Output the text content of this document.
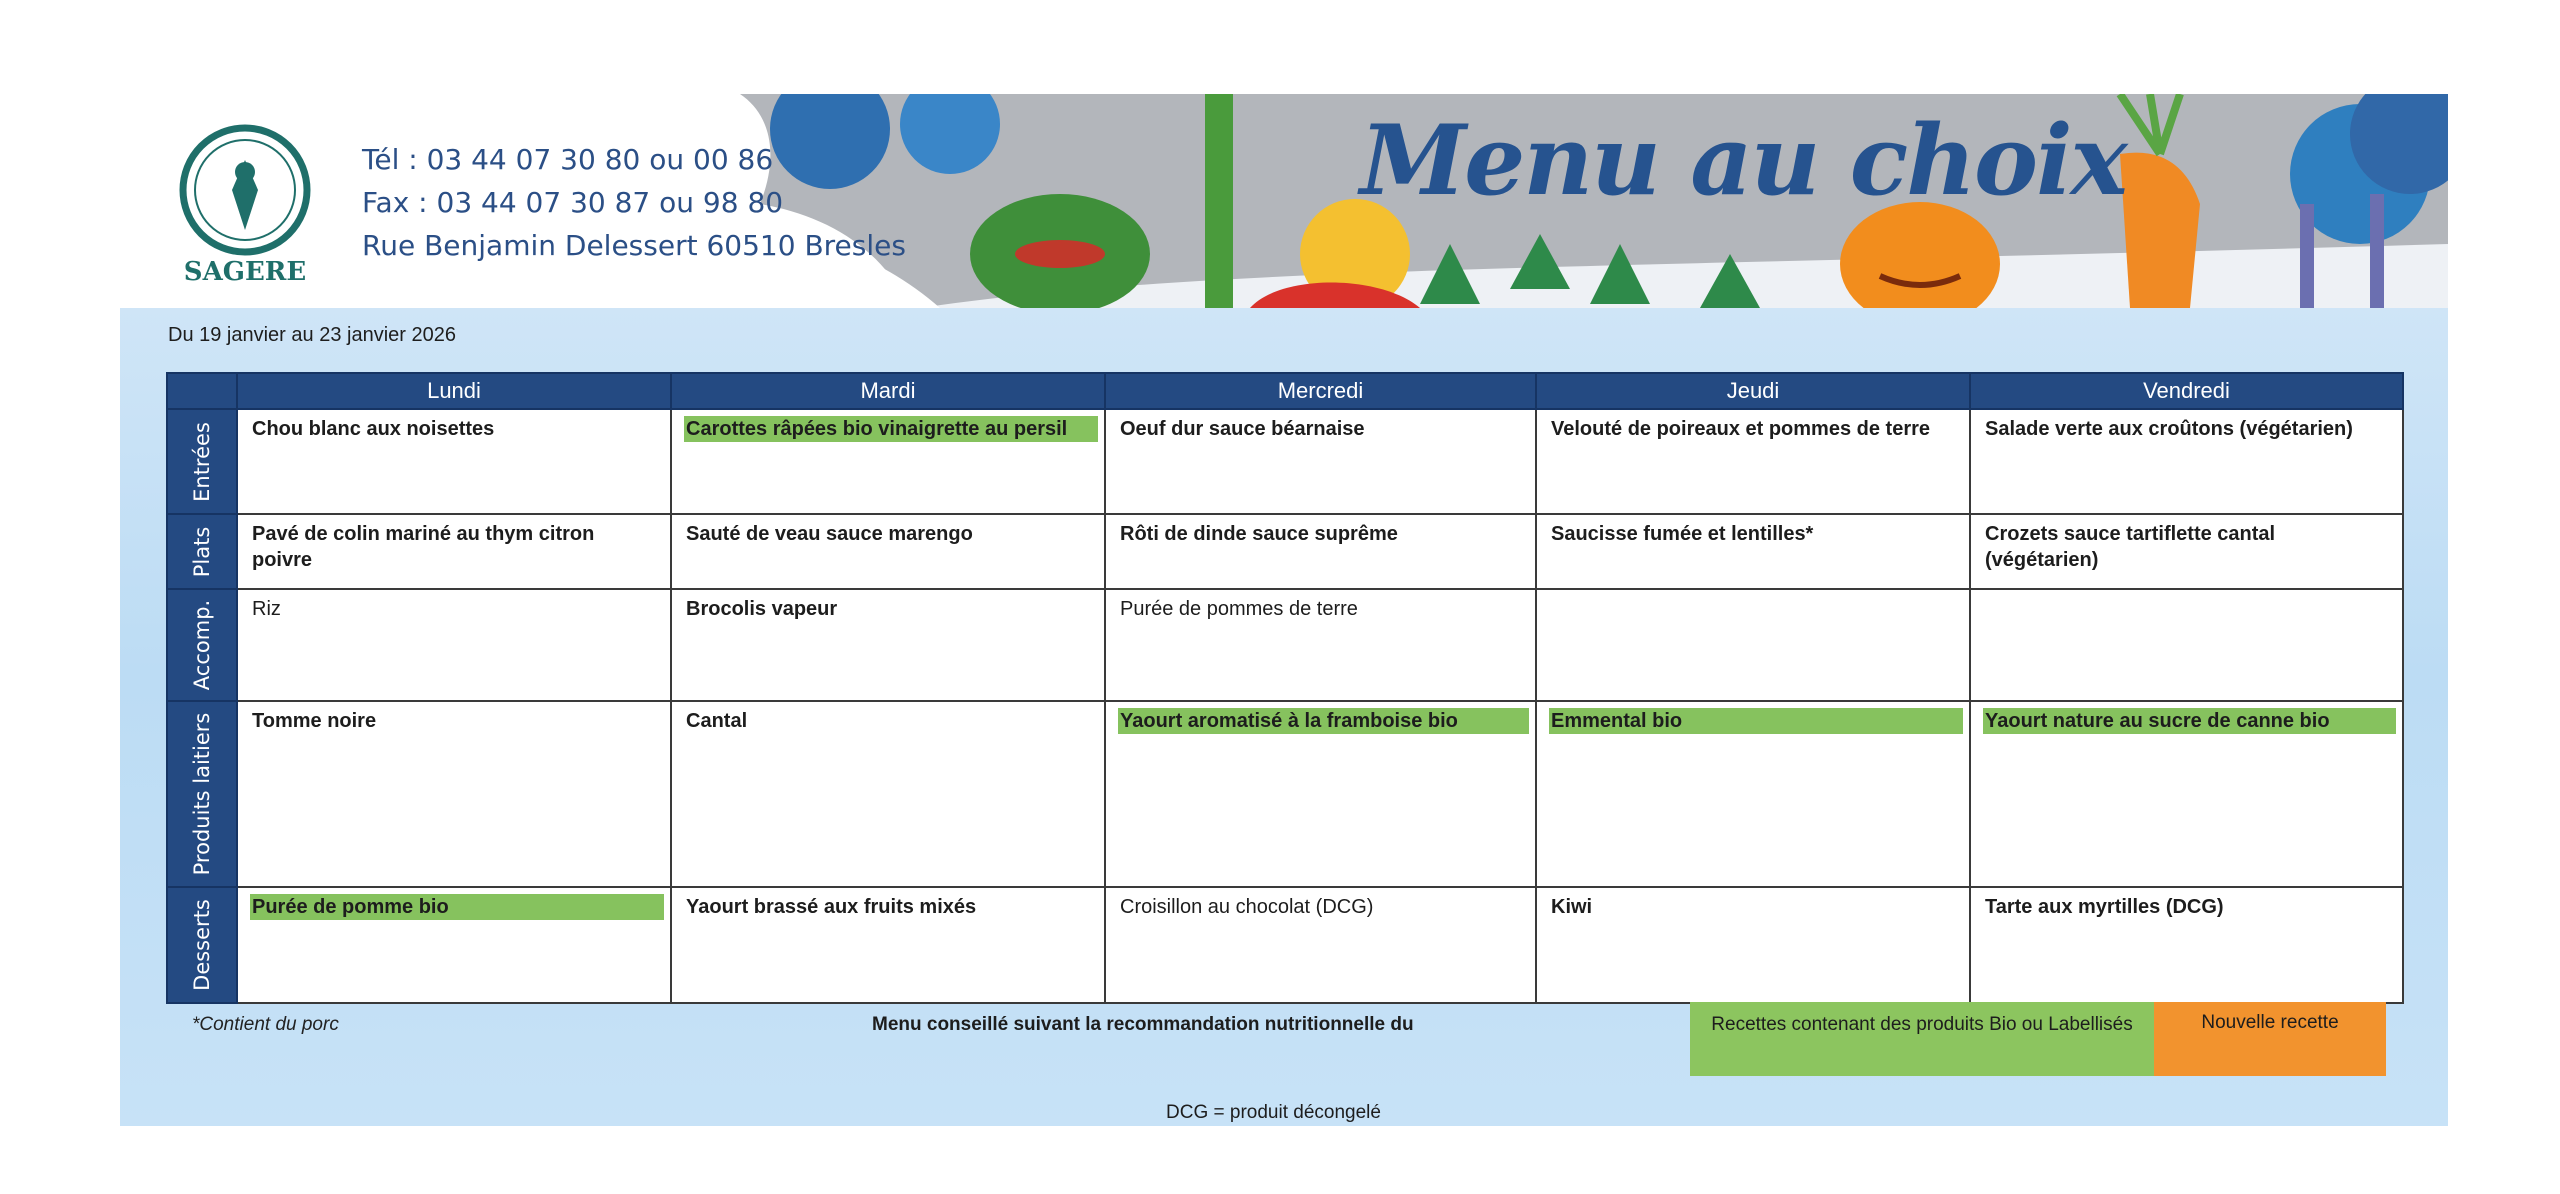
SAGERE
Tél : 03 44 07 30 80 ou 00 86
Fax : 03 44 07 30 87 ou 98 80
Rue Benjamin Delessert 60510 Bresles
Menu au choix
Du 19 janvier au 23 janvier 2026
	Lundi	Mardi	Mercredi	Jeudi	Vendredi

Entrées	Chou blanc aux noisettes	Carottes râpées bio vinaigrette au persil	Oeuf dur sauce béarnaise	Velouté de poireaux et pommes de terre	Salade verte aux croûtons (végétarien)

Plats	Pavé de colin mariné au thym citron poivre	Sauté de veau sauce marengo	Rôti de dinde sauce suprême	Saucisse fumée et lentilles*	Crozets sauce tartiflette cantal (végétarien)

Accomp.	Riz	Brocolis vapeur	Purée de pommes de terre		

Produits laitiers	Tomme noire	Cantal	Yaourt aromatisé à la framboise bio	Emmental bio	Yaourt nature au sucre de canne bio

Desserts	Purée de pomme bio	Yaourt brassé aux fruits mixés	Croisillon au chocolat (DCG)	Kiwi	Tarte aux myrtilles (DCG)
*Contient du porc	Menu conseillé suivant la recommandation nutritionnelle du	Recettes contenant des produits Bio ou Labellisés	Nouvelle recette
DCG = produit décongelé
